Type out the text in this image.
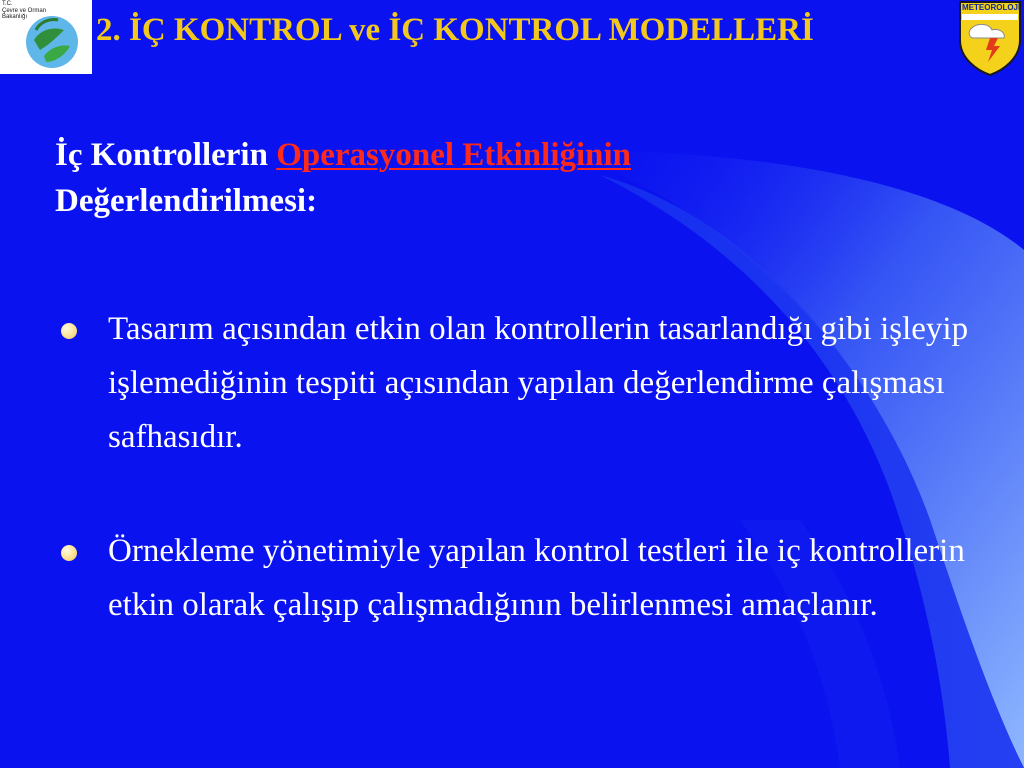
T.C.
Çevre ve Orman
Bakanlığı	2. İÇ KONTROL ve İÇ KONTROL MODELLERİ
METEOROLOJİ
İç Kontrollerin Operasyonel Etkinliğinin
Değerlendirilmesi:
Tasarım açısından etkin olan kontrollerin tasarlandığı gibi işleyip işlemediğinin tespiti açısından yapılan değerlendirme çalışması safhasıdır.
Örnekleme yönetimiyle yapılan kontrol testleri ile iç kontrollerin etkin olarak çalışıp çalışmadığının belirlenmesi amaçlanır.
